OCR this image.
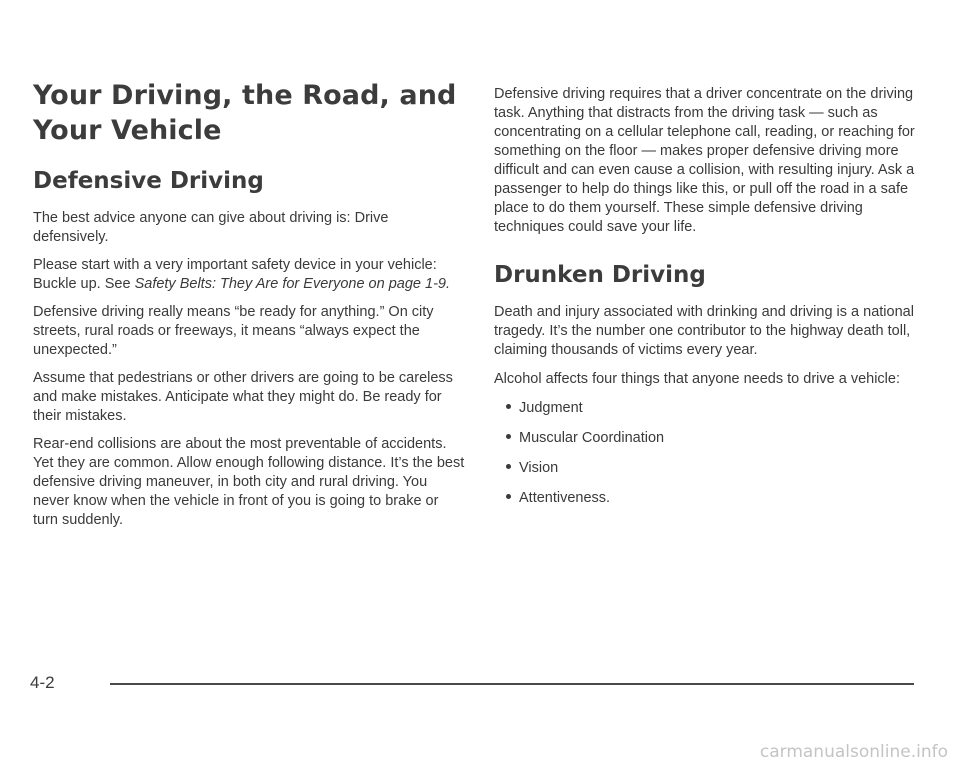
Your Driving, the Road, and
Your Vehicle
Defensive Driving

The best advice anyone can give about driving is: Drive defensively.

Please start with a very important safety device in your vehicle: Buckle up. See Safety Belts: They Are for Everyone on page 1-9.

Defensive driving really means “be ready for anything.” On city streets, rural roads or freeways, it means “always expect the unexpected.”

Assume that pedestrians or other drivers are going to be careless and make mistakes. Anticipate what they might do. Be ready for their mistakes.

Rear-end collisions are about the most preventable of accidents. Yet they are common. Allow enough following distance. It’s the best defensive driving maneuver, in both city and rural driving. You never know when the vehicle in front of you is going to brake or turn suddenly.

Defensive driving requires that a driver concentrate on the driving task. Anything that distracts from the driving task — such as concentrating on a cellular telephone call, reading, or reaching for something on the floor — makes proper defensive driving more difficult and can even cause a collision, with resulting injury. Ask a passenger to help do things like this, or pull off the road in a safe place to do them yourself. These simple defensive driving techniques could save your life.

Drunken Driving

Death and injury associated with drinking and driving is a national tragedy. It’s the number one contributor to the highway death toll, claiming thousands of victims every year.

Alcohol affects four things that anyone needs to drive a vehicle:

Judgment
Muscular Coordination
Vision
Attentiveness.
4-2
carmanualsonline.info
